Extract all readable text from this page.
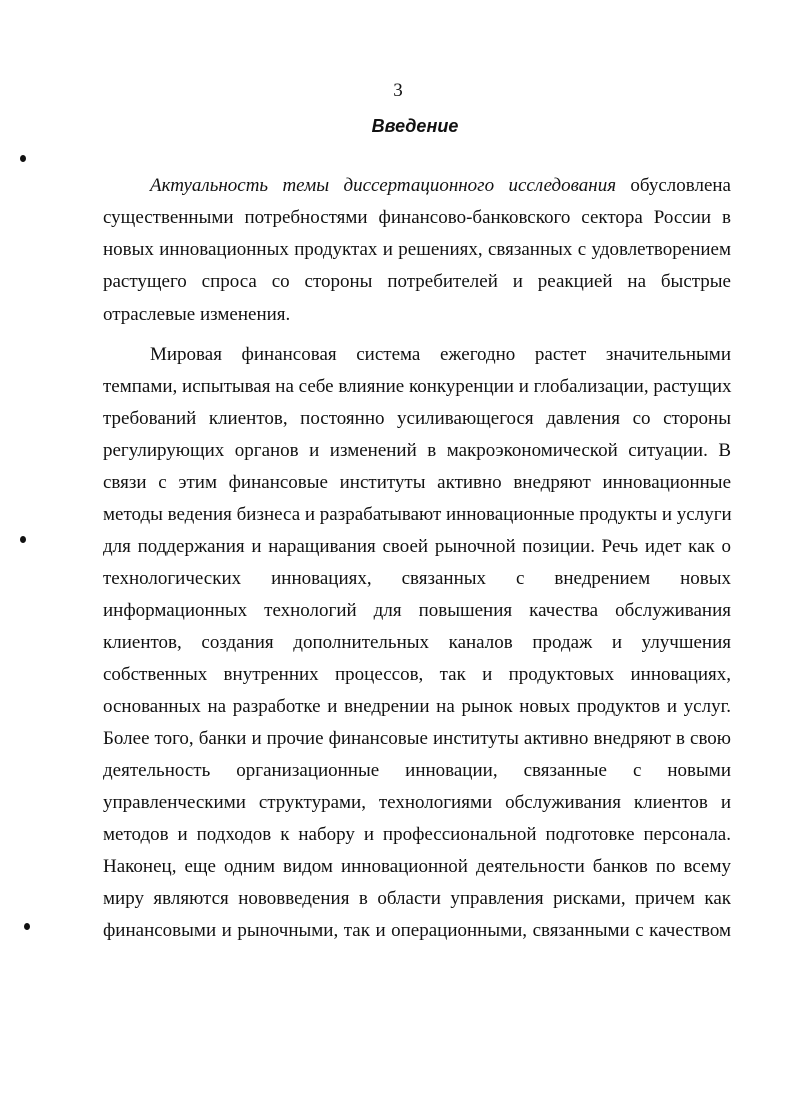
3
Введение
Актуальность темы диссертационного исследования обусловлена
существенными потребностями финансово-банковского сектора России в
новых инновационных продуктах и решениях, связанных с удовлетворением
растущего спроса со стороны потребителей и реакцией на быстрые
отраслевые изменения.
Мировая финансовая система ежегодно растет значительными
темпами, испытывая на себе влияние конкуренции и глобализации, растущих
требований клиентов, постоянно усиливающегося давления со стороны
регулирующих органов и изменений в макроэкономической ситуации. В
связи с этим финансовые институты активно внедряют инновационные
методы ведения бизнеса и разрабатывают инновационные продукты и услуги
для поддержания и наращивания своей рыночной позиции. Речь идет как о
технологических инновациях, связанных с внедрением новых
информационных технологий для повышения качества обслуживания
клиентов, создания дополнительных каналов продаж и улучшения
собственных внутренних процессов, так и продуктовых инновациях,
основанных на разработке и внедрении на рынок новых продуктов и услуг.
Более того, банки и прочие финансовые институты активно внедряют в свою
деятельность организационные инновации, связанные с новыми
управленческими структурами, технологиями обслуживания клиентов и
методов и подходов к набору и профессиональной подготовке персонала.
Наконец, еще одним видом инновационной деятельности банков по всему
миру являются нововведения в области управления рисками, причем как
финансовыми и рыночными, так и операционными, связанными с качеством
